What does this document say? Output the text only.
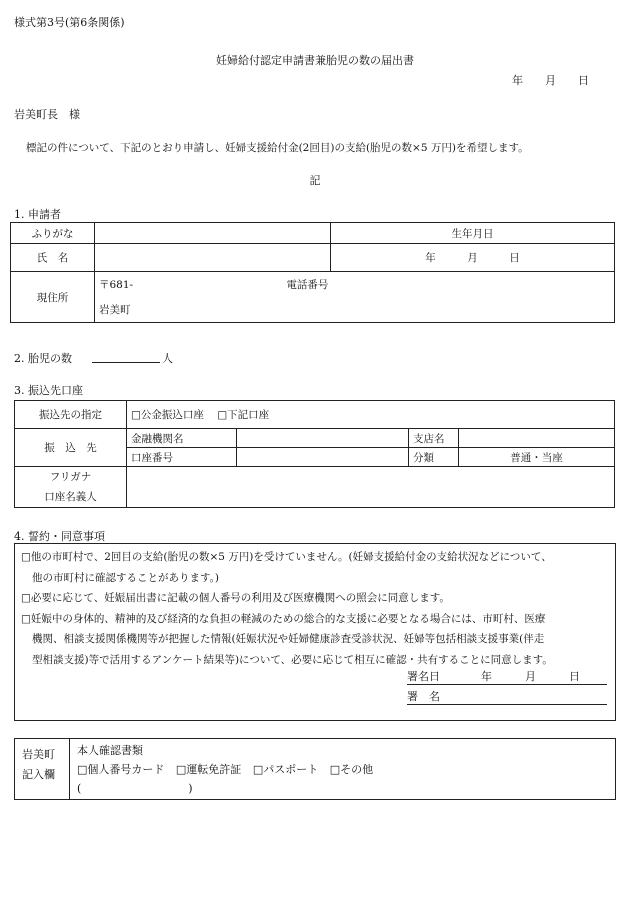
様式第3号(第6条関係)
妊婦給付認定申請書兼胎児の数の届出書
年　　月　　日
岩美町長　様
標記の件について、下記のとおり申請し、妊婦支援給付金(2回目)の支給(胎児の数×5 万円)を希望します。
記
1. 申請者
ふりがな		生年月日
氏　名		年　　　月　　　日
現住所	〒681- 電話番号	
	岩美町	
2. 胎児の数	人
3. 振込先口座
振込先の指定	□公金振込口座 □下記口座			
振　込　先	金融機関名		支店名	
	口座番号		分類	普通・当座

フリガナ
口座名義人				

4. 誓約・同意事項
□他の市町村で、2回目の支給(胎児の数×5 万円)を受けていません。(妊婦支援給付金の支給状況などについて、
他の市町村に確認することがあります。)
□必要に応じて、妊娠届出書に記載の個人番号の利用及び医療機関への照会に同意します。
□妊娠中の身体的、精神的及び経済的な負担の軽減のための総合的な支援に必要となる場合には、市町村、医療
機関、相談支援関係機関等が把握した情報(妊娠状況や妊婦健康診査受診状況、妊婦等包括相談支援事業(伴走
型相談支援)等で活用するアンケート結果等)について、必要に応じて相互に確認・共有することに同意します。
署名日	年　　　月　　　日
署　名
岩美町
記入欄
本人確認書類
□個人番号カード □運転免許証 □パスポート □その他
(	)
